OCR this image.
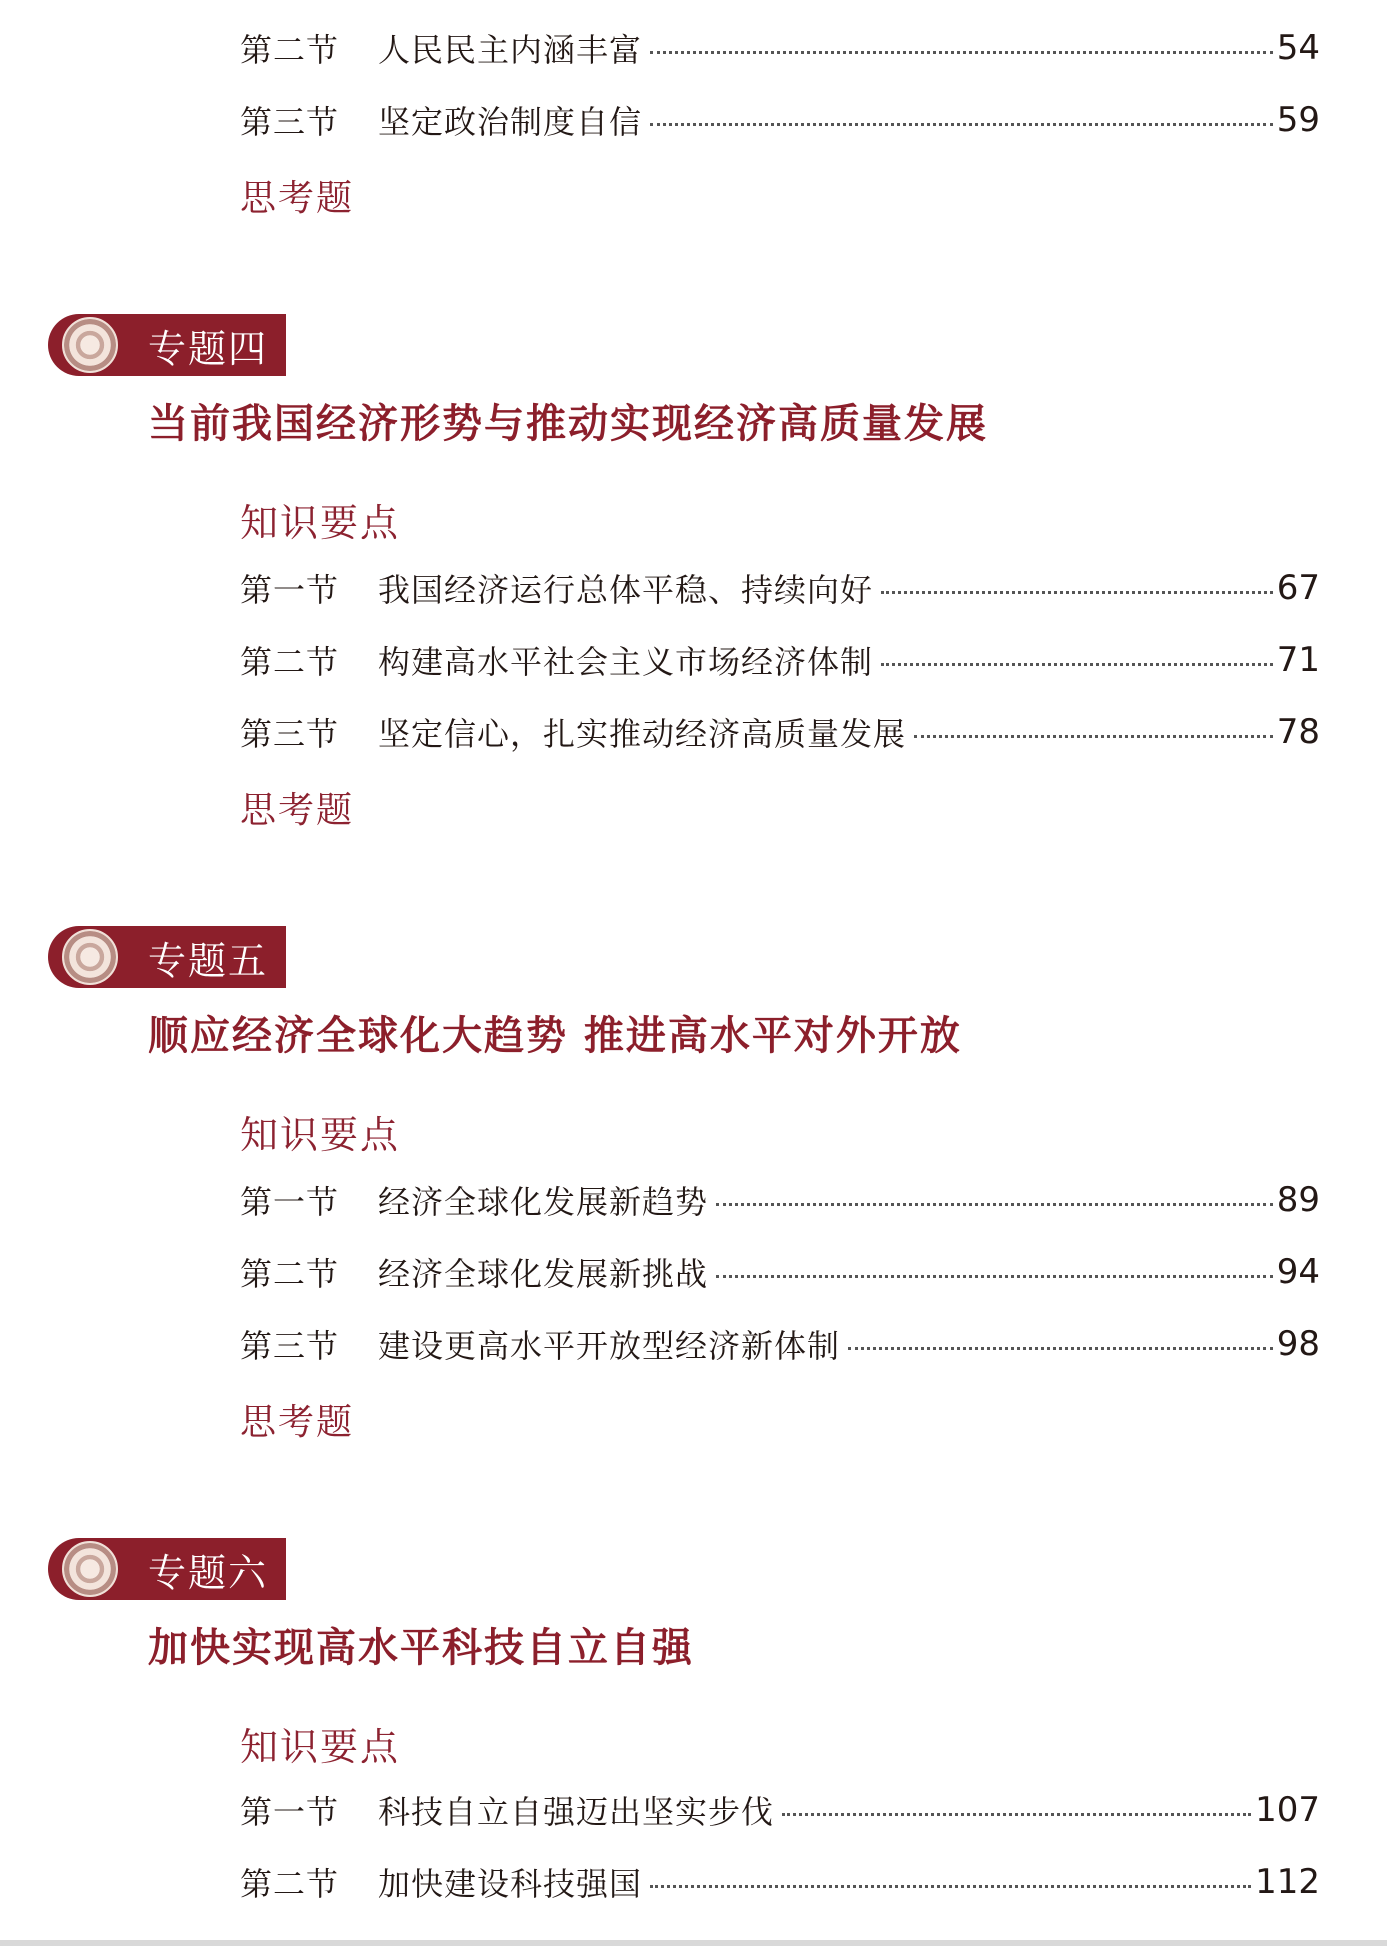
第二节	人民民主内涵丰富	54
第三节	坚定政治制度自信	59
思考题
专题四
当前我国经济形势与推动实现经济高质量发展
知识要点
第一节	我国经济运行总体平稳、持续向好	67
第二节	构建高水平社会主义市场经济体制	71
第三节	坚定信心，扎实推动经济高质量发展	78
思考题
专题五
顺应经济全球化大趋势 推进高水平对外开放
知识要点
第一节	经济全球化发展新趋势	89
第二节	经济全球化发展新挑战	94
第三节	建设更高水平开放型经济新体制	98
思考题
专题六
加快实现高水平科技自立自强
知识要点
第一节	科技自立自强迈出坚实步伐	107
第二节	加快建设科技强国	112
